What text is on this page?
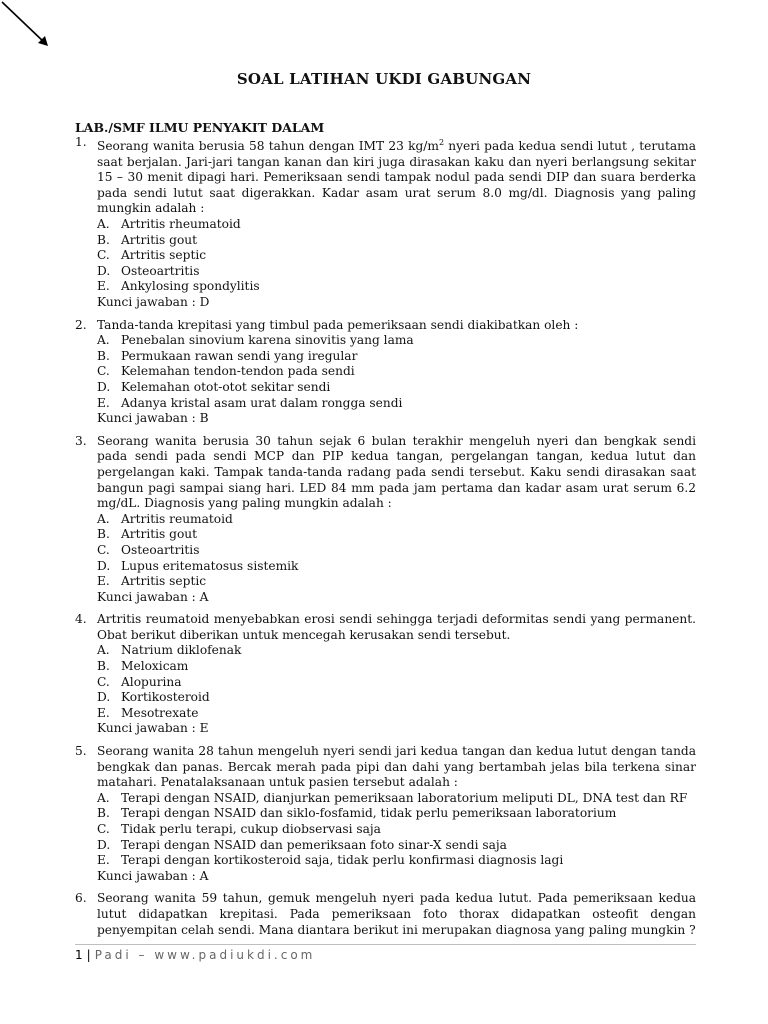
SOAL LATIHAN UKDI GABUNGAN
LAB./SMF ILMU PENYAKIT DALAM
1. Seorang wanita berusia 58 tahun dengan IMT 23 $kg/m^2$ nyeri pada kedua sendi lutut , terutama saat berjalan. Jari-jari tangan kanan dan kiri juga dirasakan kaku dan nyeri berlangsung sekitar 15 – 30 menit dipagi hari. Pemeriksaan sendi tampak nodul pada sendi DIP dan suara berderka pada sendi lutut saat digerakkan. Kadar asam urat serum 8.0 mg/dl. Diagnosis yang paling mungkin adalah :
A. Artritis rheumatoid
B. Artritis gout
C. Artritis septic
D. Osteoartritis
E. Ankylosing spondylitis
Kunci jawaban : D
2. Tanda-tanda krepitasi yang timbul pada pemeriksaan sendi diakibatkan oleh :
A. Penebalan sinovium karena sinovitis yang lama
B. Permukaan rawan sendi yang iregular
C. Kelemahan tendon-tendon pada sendi
D. Kelemahan otot-otot sekitar sendi
E. Adanya kristal asam urat dalam rongga sendi
Kunci jawaban : B
3. Seorang wanita berusia 30 tahun sejak 6 bulan terakhir mengeluh nyeri dan bengkak sendi pada sendi pada sendi MCP dan PIP kedua tangan, pergelangan tangan, kedua lutut dan pergelangan kaki. Tampak tanda-tanda radang pada sendi tersebut. Kaku sendi dirasakan saat bangun pagi sampai siang hari. LED 84 mm pada jam pertama dan kadar asam urat serum 6.2 mg/dL. Diagnosis yang paling mungkin adalah :
A. Artritis reumatoid
B. Artritis gout
C. Osteoartritis
D. Lupus eritematosus sistemik
E. Artritis septic
Kunci jawaban : A
4. Artritis reumatoid menyebabkan erosi sendi sehingga terjadi deformitas sendi yang permanent. Obat berikut diberikan untuk mencegah kerusakan sendi tersebut.
A. Natrium diklofenak
B. Meloxicam
C. Alopurina
D. Kortikosteroid
E. Mesotrexate
Kunci jawaban : E
5. Seorang wanita 28 tahun mengeluh nyeri sendi jari kedua tangan dan kedua lutut dengan tanda bengkak dan panas. Bercak merah pada pipi dan dahi yang bertambah jelas bila terkena sinar matahari. Penatalaksanaan untuk pasien tersebut adalah :
A. Terapi dengan NSAID, dianjurkan pemeriksaan laboratorium meliputi DL, DNA test dan RF
B. Terapi dengan NSAID dan siklo-fosfamid, tidak perlu pemeriksaan laboratorium
C. Tidak perlu terapi, cukup diobservasi saja
D. Terapi dengan NSAID dan pemeriksaan foto sinar-X sendi saja
E. Terapi dengan kortikosteroid saja, tidak perlu konfirmasi diagnosis lagi
Kunci jawaban : A
6. Seorang wanita 59 tahun, gemuk mengeluh nyeri pada kedua lutut. Pada pemeriksaan kedua lutut didapatkan krepitasi. Pada pemeriksaan foto thorax didapatkan osteofit dengan penyempitan celah sendi. Mana diantara berikut ini merupakan diagnosa yang paling mungkin ?
1 | Padi – www.padiukdi.com
